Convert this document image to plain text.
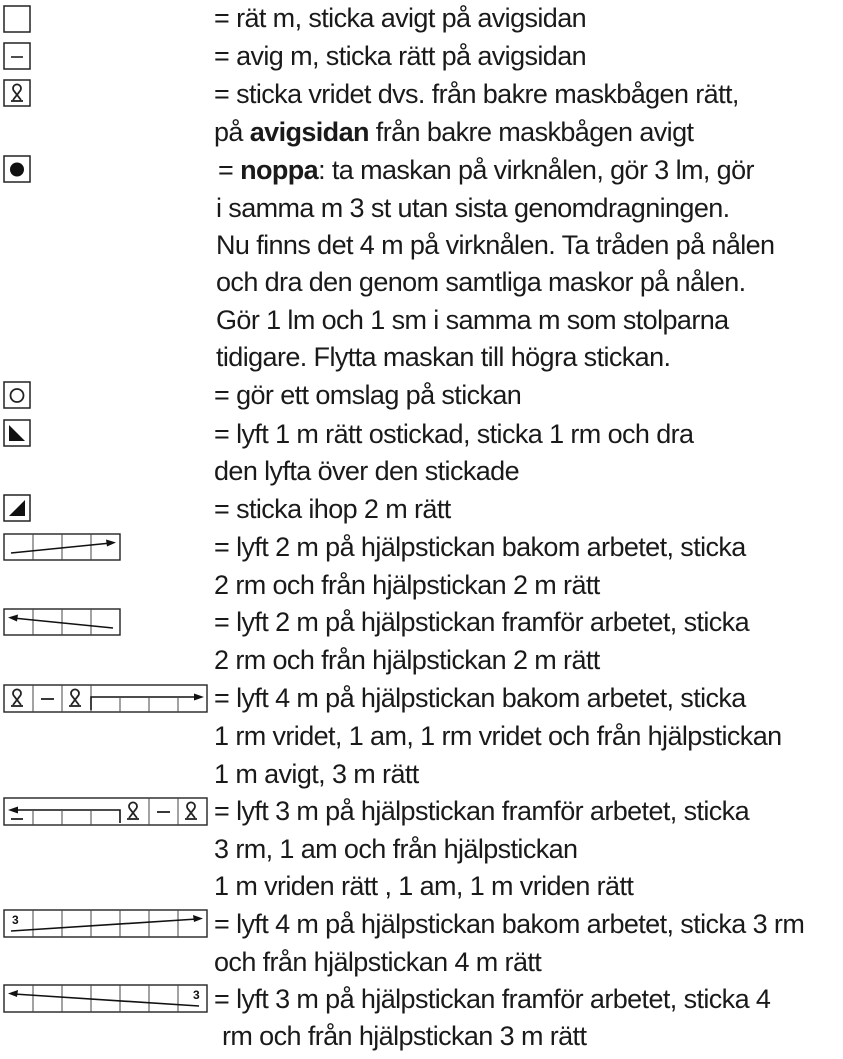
3
3
= rät m, sticka avigt på avigsidan
= avig m, sticka rätt på avigsidan
= sticka vridet dvs. från bakre maskbågen rätt,
på avigsidan från bakre maskbågen avigt
= noppa: ta maskan på virknålen, gör 3 lm, gör
i samma m 3 st utan sista genomdragningen.
Nu finns det 4 m på virknålen. Ta tråden på nålen
och dra den genom samtliga maskor på nålen.
Gör 1 lm och 1 sm i samma m som stolparna
tidigare. Flytta maskan till högra stickan.
= gör ett omslag på stickan
= lyft 1 m rätt ostickad, sticka 1 rm och dra
den lyfta över den stickade
= sticka ihop 2 m rätt
= lyft 2 m på hjälpstickan bakom arbetet, sticka
2 rm och från hjälpstickan 2 m rätt
= lyft 2 m på hjälpstickan framför arbetet, sticka
2 rm och från hjälpstickan 2 m rätt
= lyft 4 m på hjälpstickan bakom arbetet, sticka
1 rm vridet, 1 am, 1 rm vridet och från hjälpstickan
1 m avigt, 3 m rätt
= lyft 3 m på hjälpstickan framför arbetet, sticka
3 rm, 1 am och från hjälpstickan
1 m vriden rätt , 1 am, 1 m vriden rätt
= lyft 4 m på hjälpstickan bakom arbetet, sticka 3 rm
och från hjälpstickan 4 m rätt
= lyft 3 m på hjälpstickan framför arbetet, sticka 4
rm och från hjälpstickan 3 m rätt
